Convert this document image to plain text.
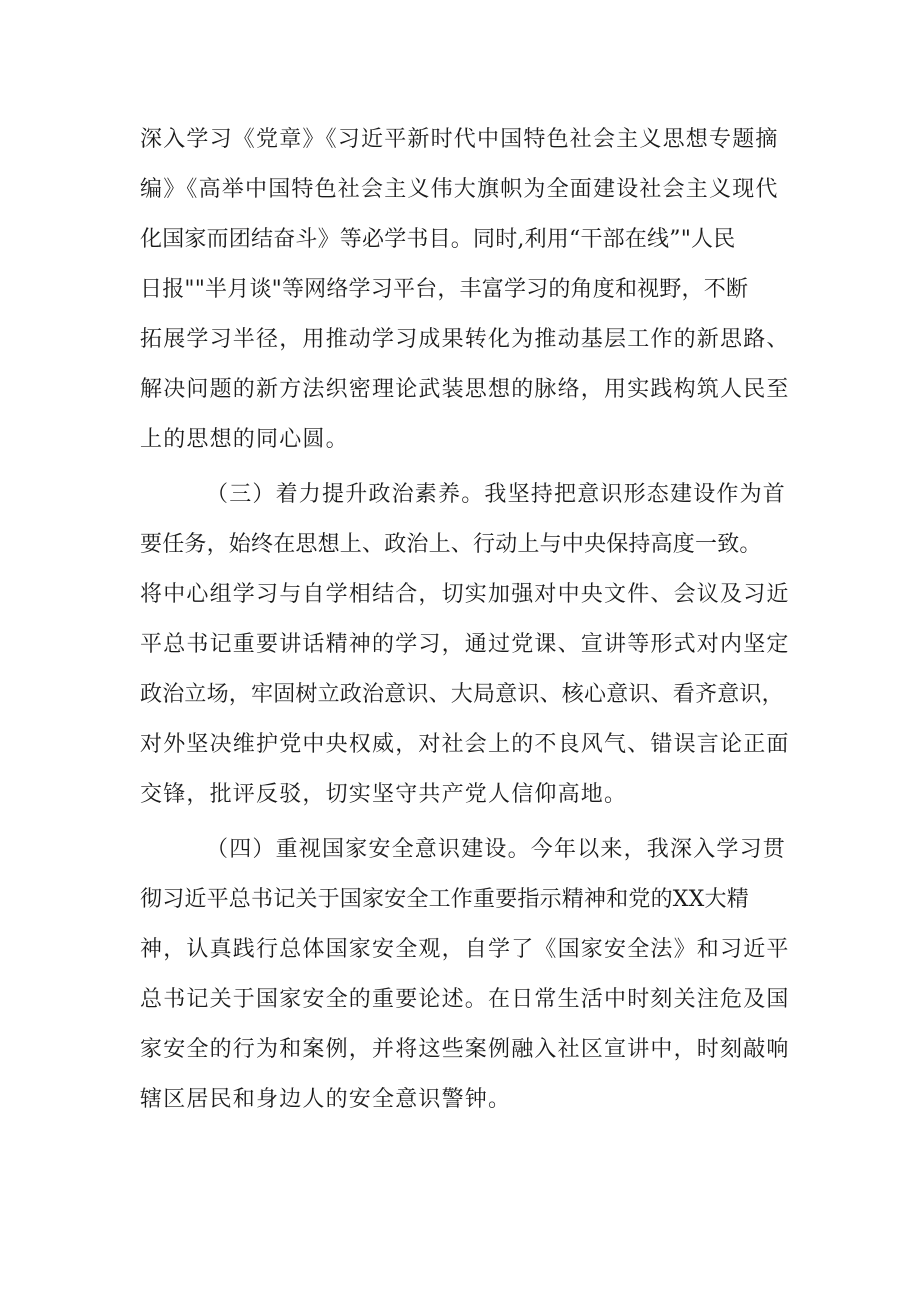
深入学习《党章》《习近平新时代中国特色社会主义思想专题摘
编》《高举中国特色社会主义伟大旗帜为全面建设社会主义现代
化国家而团结奋斗》等必学书目。同时,利用“干部在线”"人民
日报""半月谈"等网络学习平台，丰富学习的角度和视野，不断
拓展学习半径，用推动学习成果转化为推动基层工作的新思路、
解决问题的新方法织密理论武装思想的脉络，用实践构筑人民至
上的思想的同心圆。
（三）着力提升政治素养。我坚持把意识形态建设作为首
要任务，始终在思想上、政治上、行动上与中央保持高度一致。
将中心组学习与自学相结合，切实加强对中央文件、会议及习近
平总书记重要讲话精神的学习，通过党课、宣讲等形式对内坚定
政治立场，牢固树立政治意识、大局意识、核心意识、看齐意识，
对外坚决维护党中央权威，对社会上的不良风气、错误言论正面
交锋，批评反驳，切实坚守共产党人信仰高地。
（四）重视国家安全意识建设。今年以来，我深入学习贯
彻习近平总书记关于国家安全工作重要指示精神和党的XX大精
神，认真践行总体国家安全观，自学了《国家安全法》和习近平
总书记关于国家安全的重要论述。在日常生活中时刻关注危及国
家安全的行为和案例，并将这些案例融入社区宣讲中，时刻敲响
辖区居民和身边人的安全意识警钟。
